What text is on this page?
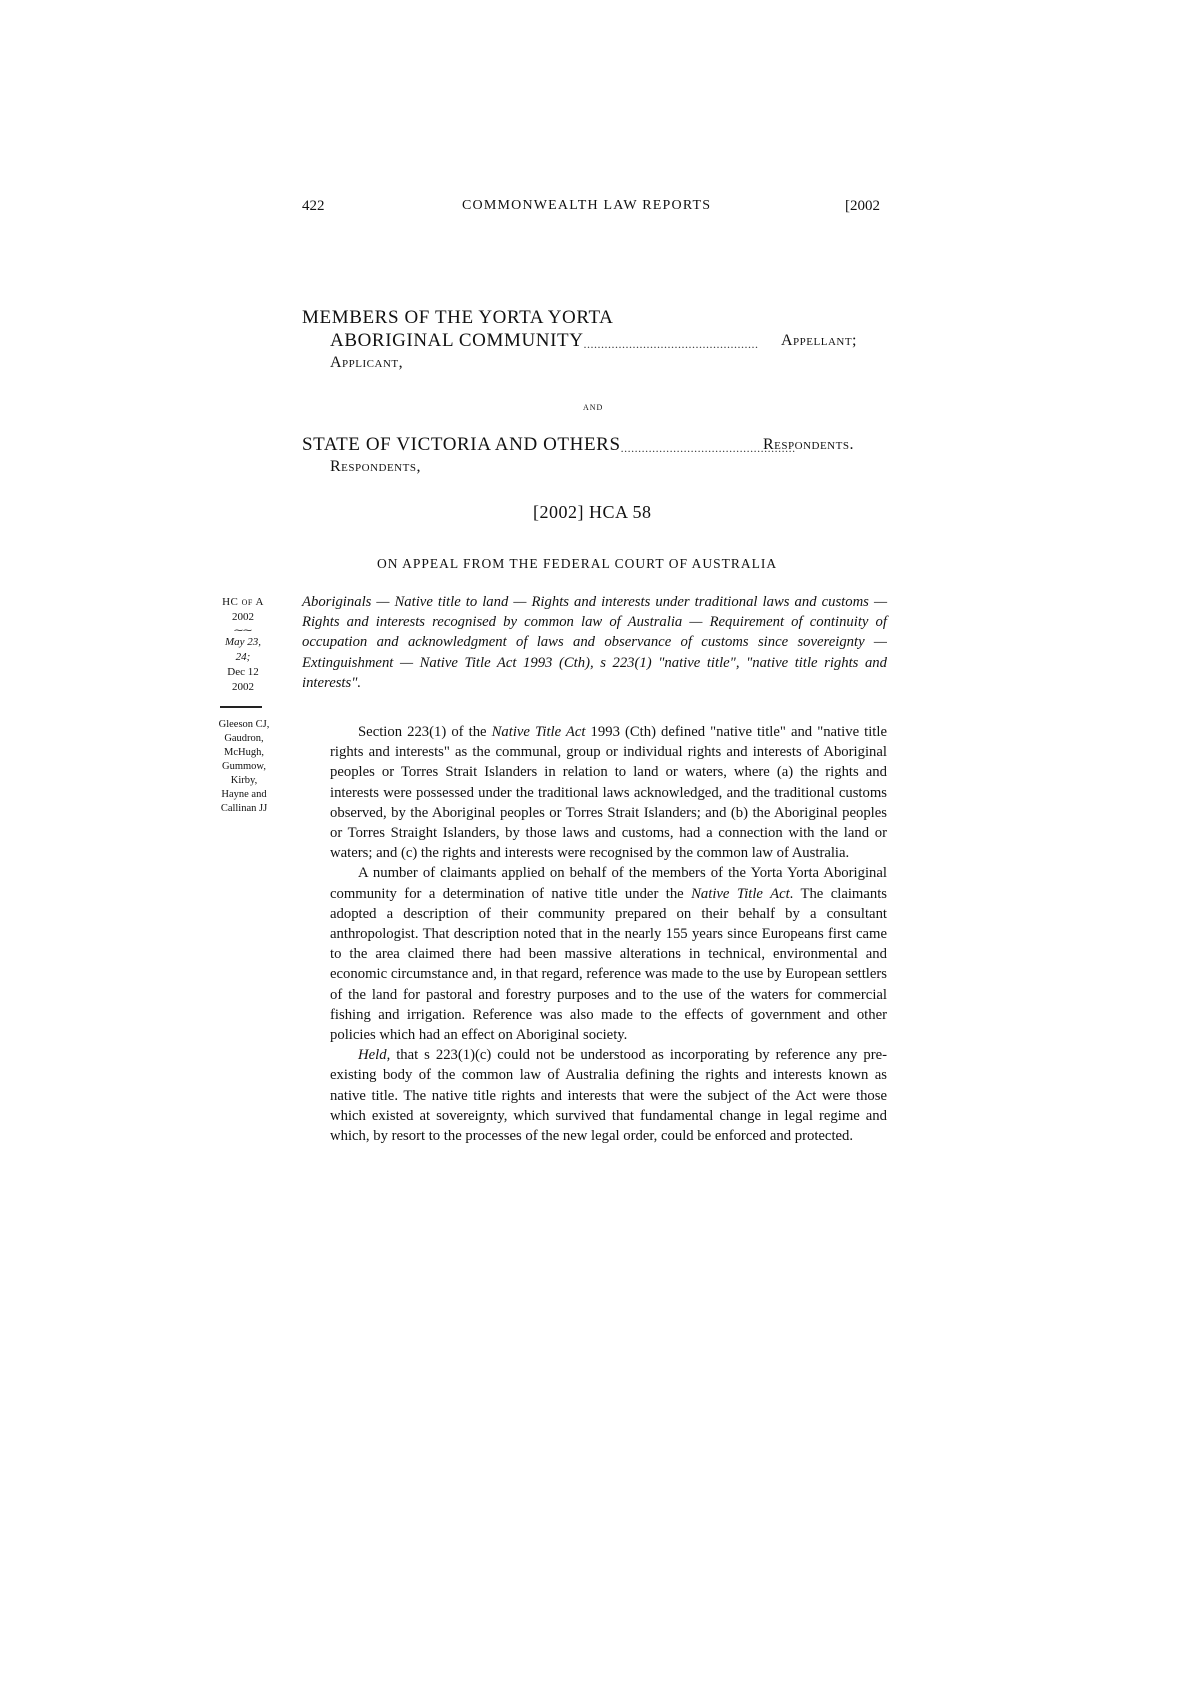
422	COMMONWEALTH LAW REPORTS	[2002
MEMBERS OF THE YORTA YORTA
ABORIGINAL COMMUNITY.................................................. Appellant;
Applicant,
and
STATE OF VICTORIA AND OTHERS..................................................
Respondents.
Respondents,
[2002] HCA 58
ON APPEAL FROM THE FEDERAL COURT OF AUSTRALIA
HC of A
2002
⁓⁓
May 23, 24;
Dec 12
2002
Gleeson CJ,
Gaudron,
McHugh,
Gummow,
Kirby,
Hayne and
Callinan JJ
Aboriginals — Native title to land — Rights and interests under traditional laws and customs — Rights and interests recognised by common law of Australia — Requirement of continuity of occupation and acknowledgment of laws and observance of customs since sovereignty — Extinguishment — Native Title Act 1993 (Cth), s 223(1) "native title", "native title rights and interests".

Section 223(1) of the Native Title Act 1993 (Cth) defined "native title" and "native title rights and interests" as the communal, group or individual rights and interests of Aboriginal peoples or Torres Strait Islanders in relation to land or waters, where (a) the rights and interests were possessed under the traditional laws acknowledged, and the traditional customs observed, by the Aboriginal peoples or Torres Strait Islanders; and (b) the Aboriginal peoples or Torres Straight Islanders, by those laws and customs, had a connection with the land or waters; and (c) the rights and interests were recognised by the common law of Australia.

A number of claimants applied on behalf of the members of the Yorta Yorta Aboriginal community for a determination of native title under the Native Title Act. The claimants adopted a description of their community prepared on their behalf by a consultant anthropologist. That description noted that in the nearly 155 years since Europeans first came to the area claimed there had been massive alterations in technical, environmental and economic circumstance and, in that regard, reference was made to the use by European settlers of the land for pastoral and forestry purposes and to the use of the waters for commercial fishing and irrigation. Reference was also made to the effects of government and other policies which had an effect on Aboriginal society.

Held, that s 223(1)(c) could not be understood as incorporating by reference any pre-existing body of the common law of Australia defining the rights and interests known as native title. The native title rights and interests that were the subject of the Act were those which existed at sovereignty, which survived that fundamental change in legal regime and which, by resort to the processes of the new legal order, could be enforced and protected.
